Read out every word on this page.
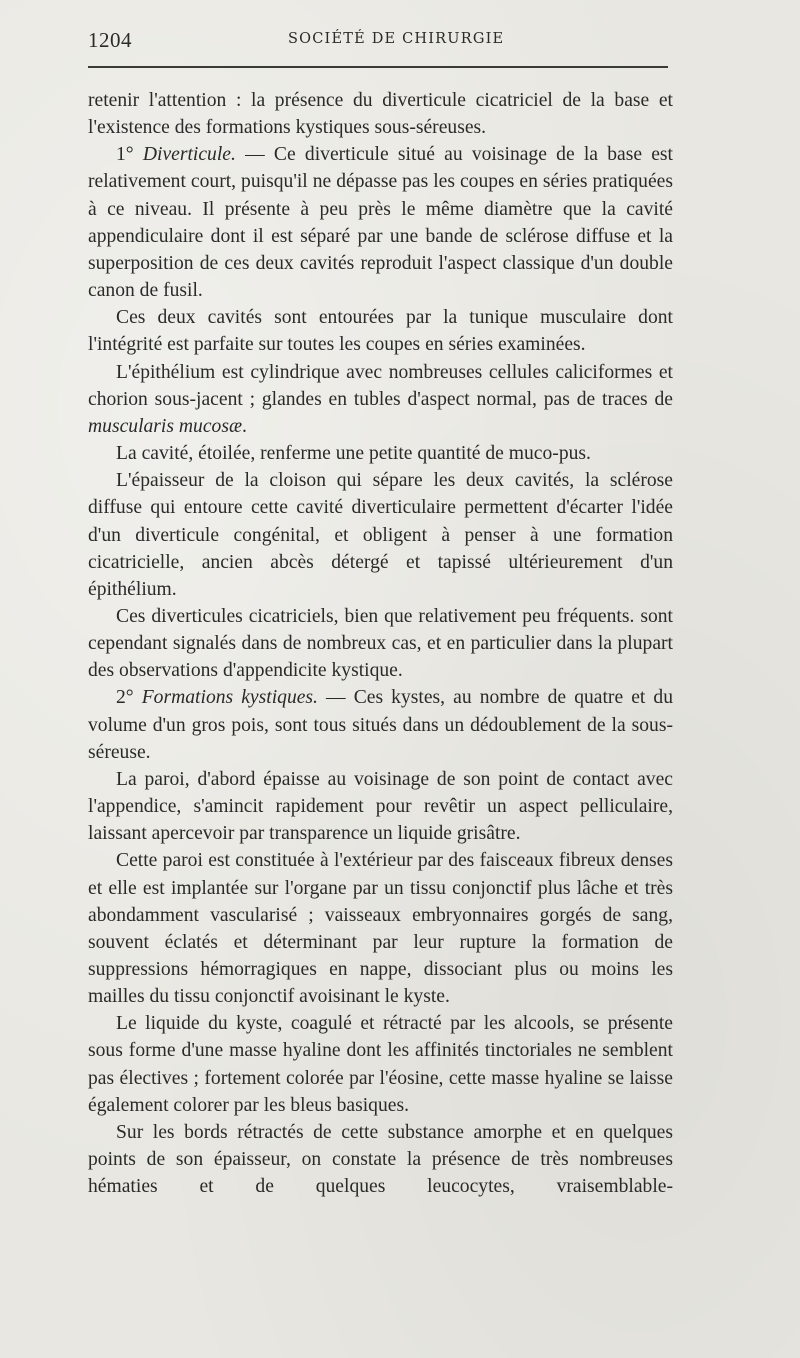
1204	SOCIÉTÉ DE CHIRURGIE

retenir l'attention : la présence du diverticule cicatriciel de la base et l'existence des formations kystiques sous-séreuses.

1° Diverticule. — Ce diverticule situé au voisinage de la base est relativement court, puisqu'il ne dépasse pas les coupes en séries pratiquées à ce niveau. Il présente à peu près le même diamètre que la cavité appendiculaire dont il est séparé par une bande de sclérose diffuse et la superposition de ces deux cavités reproduit l'aspect classique d'un double canon de fusil.

Ces deux cavités sont entourées par la tunique musculaire dont l'intégrité est parfaite sur toutes les coupes en séries examinées.

L'épithélium est cylindrique avec nombreuses cellules caliciformes et chorion sous-jacent ; glandes en tubles d'aspect normal, pas de traces de muscularis mucosæ.

La cavité, étoilée, renferme une petite quantité de muco-pus.

L'épaisseur de la cloison qui sépare les deux cavités, la sclérose diffuse qui entoure cette cavité diverticulaire permettent d'écarter l'idée d'un diverticule congénital, et obligent à penser à une formation cicatricielle, ancien abcès détergé et tapissé ultérieurement d'un épithélium.

Ces diverticules cicatriciels, bien que relativement peu fréquents. sont cependant signalés dans de nombreux cas, et en particulier dans la plupart des observations d'appendicite kystique.

2° Formations kystiques. — Ces kystes, au nombre de quatre et du volume d'un gros pois, sont tous situés dans un dédoublement de la sous-séreuse.

La paroi, d'abord épaisse au voisinage de son point de contact avec l'appendice, s'amincit rapidement pour revêtir un aspect pelliculaire, laissant apercevoir par transparence un liquide grisâtre.

Cette paroi est constituée à l'extérieur par des faisceaux fibreux denses et elle est implantée sur l'organe par un tissu conjonctif plus lâche et très abondamment vascularisé ; vaisseaux embryonnaires gorgés de sang, souvent éclatés et déterminant par leur rupture la formation de suppressions hémorragiques en nappe, dissociant plus ou moins les mailles du tissu conjonctif avoisinant le kyste.

Le liquide du kyste, coagulé et rétracté par les alcools, se présente sous forme d'une masse hyaline dont les affinités tinctoriales ne semblent pas électives ; fortement colorée par l'éosine, cette masse hyaline se laisse également colorer par les bleus basiques.

Sur les bords rétractés de cette substance amorphe et en quelques points de son épaisseur, on constate la présence de très nombreuses hématies et de quelques leucocytes, vraisemblable-
